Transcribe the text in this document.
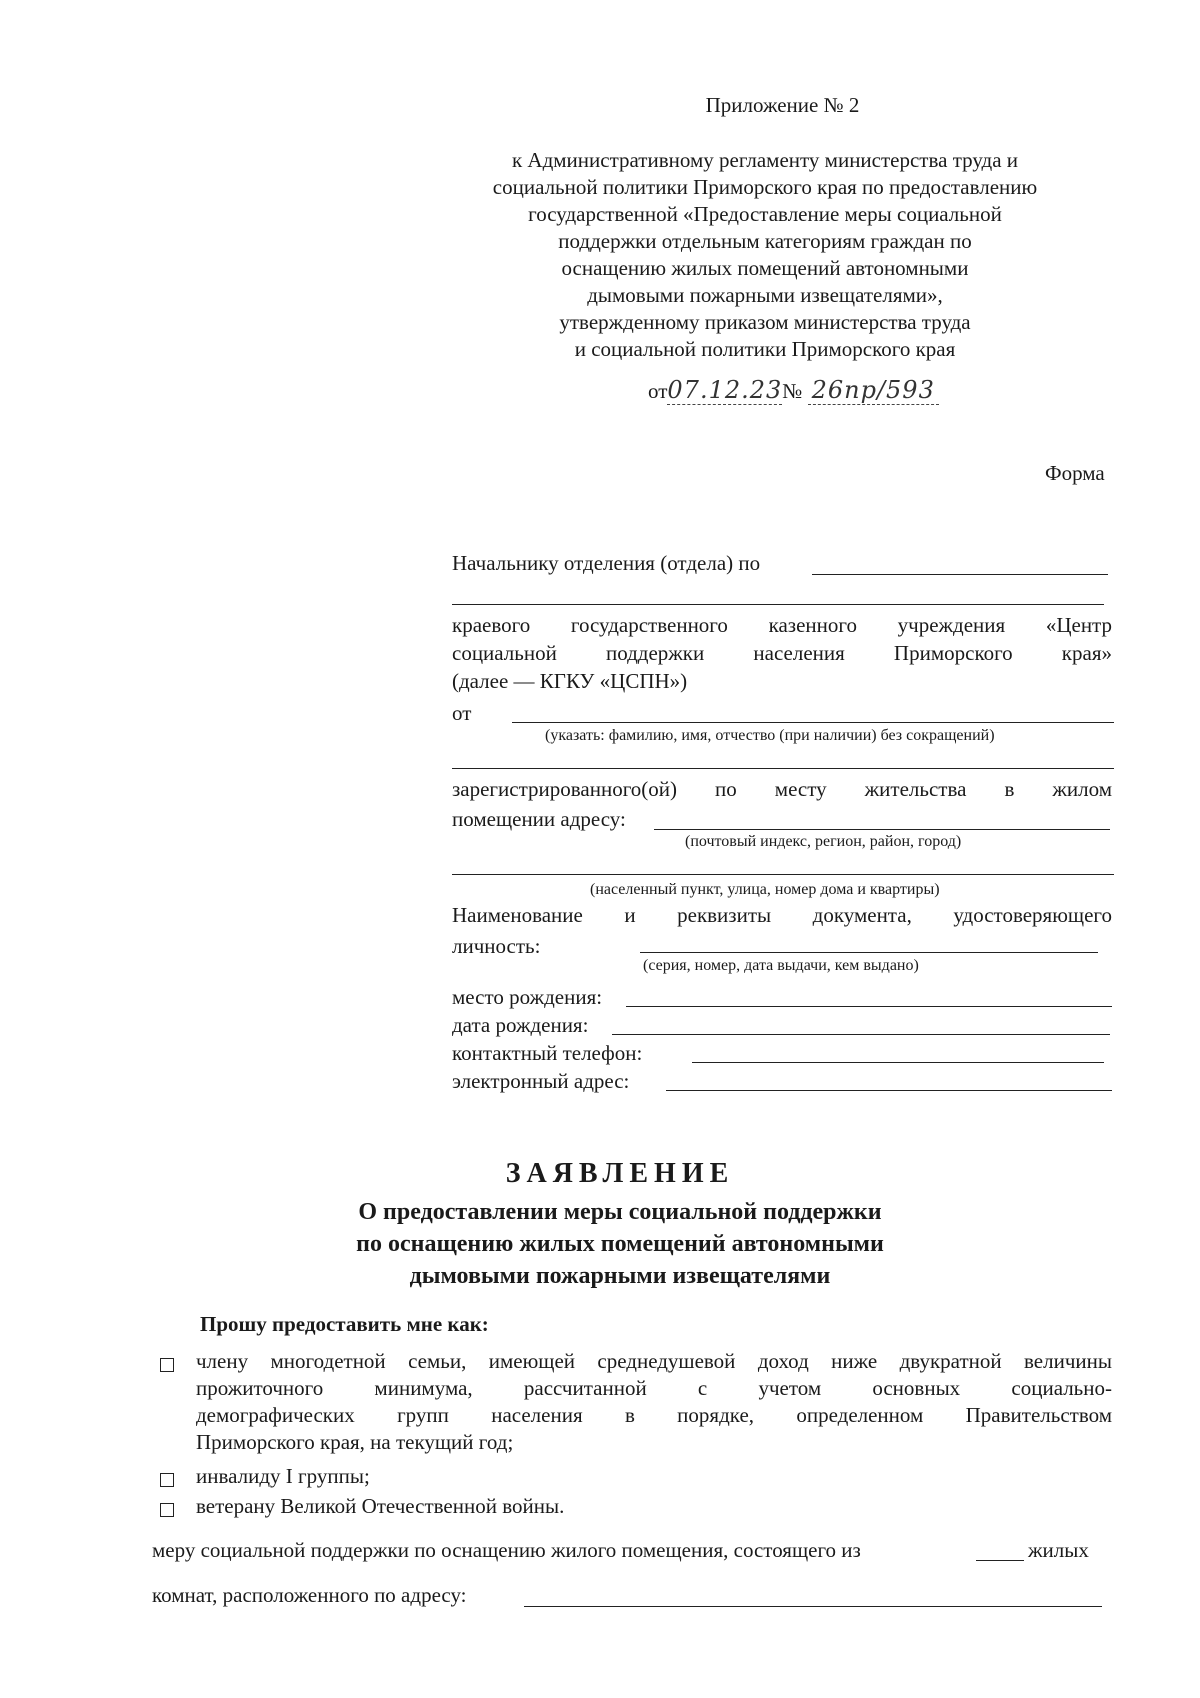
Приложение № 2
к Административному регламенту министерства труда и
социальной политики Приморского края по предоставлению
государственной «Предоставление меры социальной
поддержки отдельным категориям граждан по
оснащению жилых помещений автономными
дымовыми пожарными извещателями»,
утвержденному приказом министерства труда
и социальной политики Приморского края
от07.12.23№ 26пр/593
Форма
Начальнику отделения (отдела) по
краевого государственного казенного учреждения «Центр
социальной поддержки населения Приморского края»
(далее — КГКУ «ЦСПН»)
от
(указать: фамилию, имя, отчество (при наличии) без сокращений)
зарегистрированного(ой) по месту жительства в жилом
помещении адресу:
(почтовый индекс, регион, район, город)
(населенный пункт, улица, номер дома и квартиры)
Наименование и реквизиты документа, удостоверяющего
личность:
(серия, номер, дата выдачи, кем выдано)
место рождения:
дата рождения:
контактный телефон:
электронный адрес:
ЗАЯВЛЕНИЕ
О предоставлении меры социальной поддержки
по оснащению жилых помещений автономными
дымовыми пожарными извещателями
Прошу предоставить мне как:
члену многодетной семьи, имеющей среднедушевой доход ниже двукратной величины
прожиточного минимума, рассчитанной с учетом основных социально-
демографических групп населения в порядке, определенном Правительством
Приморского края, на текущий год;
инвалиду I группы;
ветерану Великой Отечественной войны.
меру социальной поддержки по оснащению жилого помещения, состоящего из	жилых
комнат, расположенного по адресу:
